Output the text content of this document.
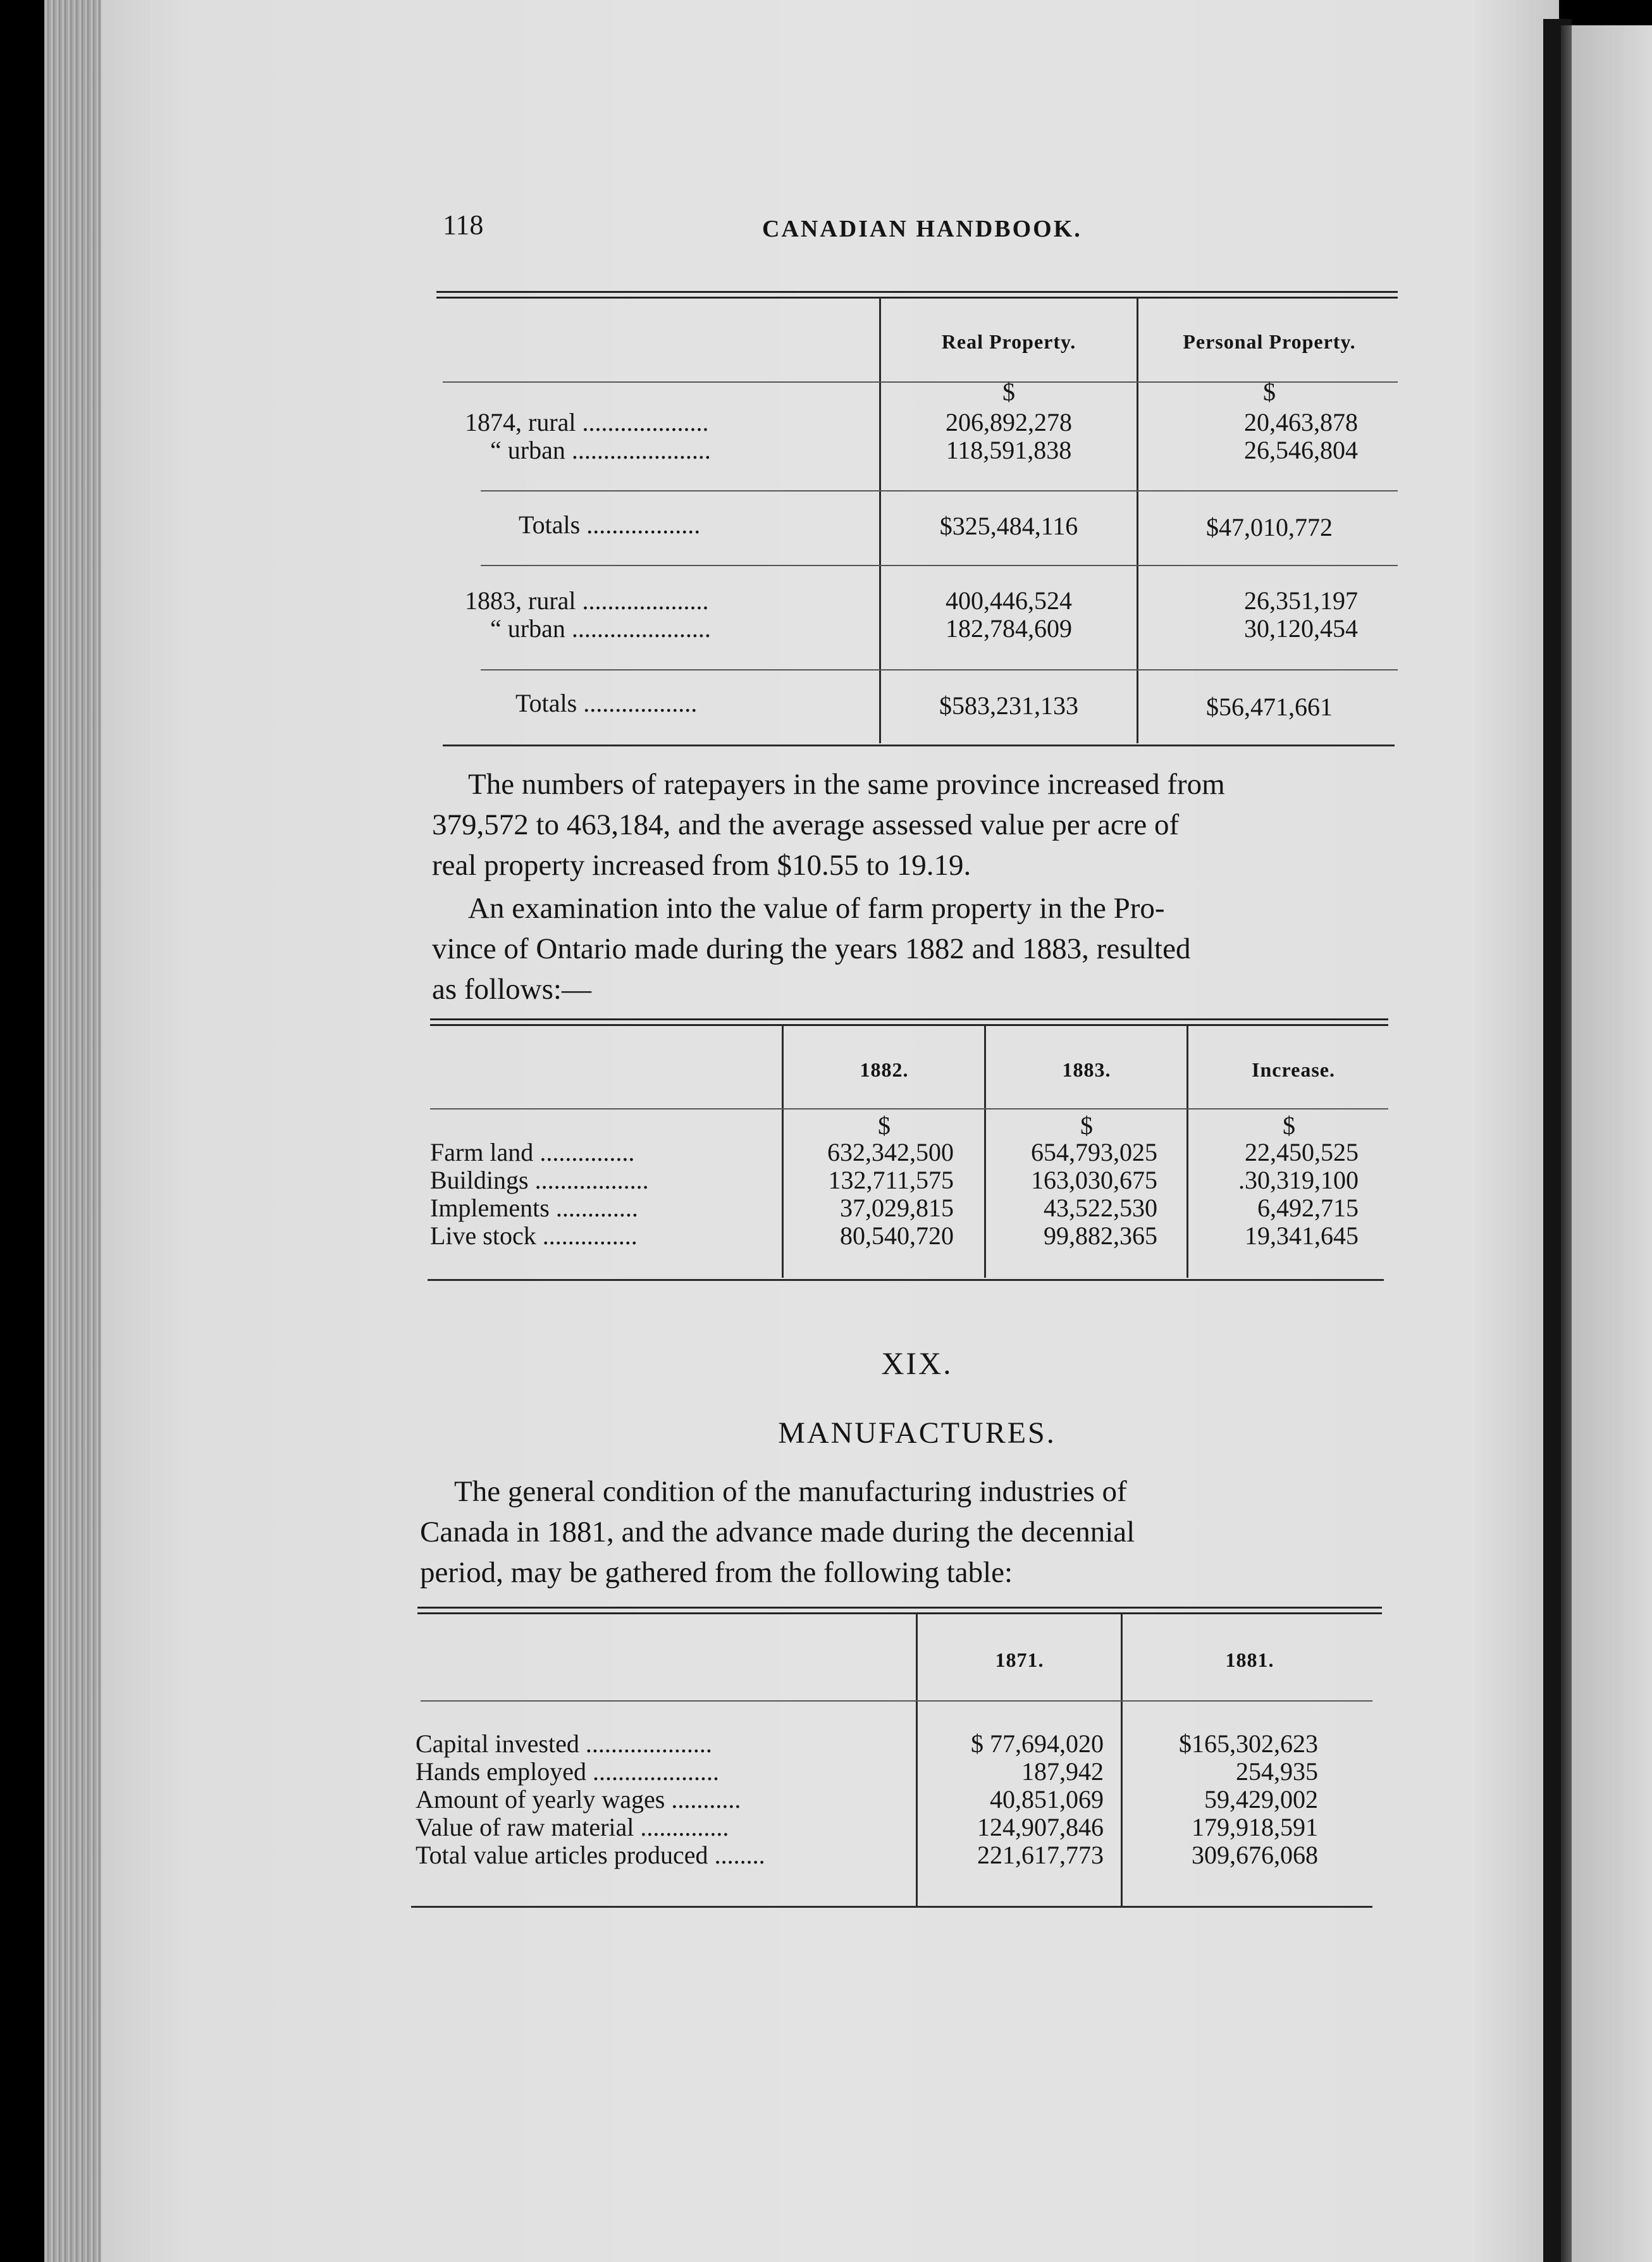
118	CANADIAN HANDBOOK.
Real Property.	Personal Property.
$	$
1874, rural ....................	206,892,278	20,463,878
“ urban ......................	118,591,838	26,546,804
Totals ..................	$325,484,116	$47,010,772
1883, rural ....................	400,446,524	26,351,197
“ urban ......................	182,784,609	30,120,454
Totals ..................	$583,231,133	$56,471,661
The numbers of ratepayers in the same province increased from
379,572 to 463,184, and the average assessed value per acre of
real property increased from $10.55 to 19.19.
An examination into the value of farm property in the Pro-
vince of Ontario made during the years 1882 and 1883, resulted
as follows:—
1882.	1883.	Increase.
$	$	$
Farm land ...............	632,342,500	654,793,025	22,450,525
Buildings ..................	132,711,575	163,030,675	.30,319,100
Implements .............	37,029,815	43,522,530	6,492,715
Live stock ...............	80,540,720	99,882,365	19,341,645
XIX.
MANUFACTURES.
The general condition of the manufacturing industries of
Canada in 1881, and the advance made during the decennial
period, may be gathered from the following table:
1871.	1881.
Capital invested ....................	$ 77,694,020	$165,302,623
Hands employed ....................	187,942	254,935
Amount of yearly wages ...........	40,851,069	59,429,002
Value of raw material ..............	124,907,846	179,918,591
Total value articles produced ........	221,617,773	309,676,068
